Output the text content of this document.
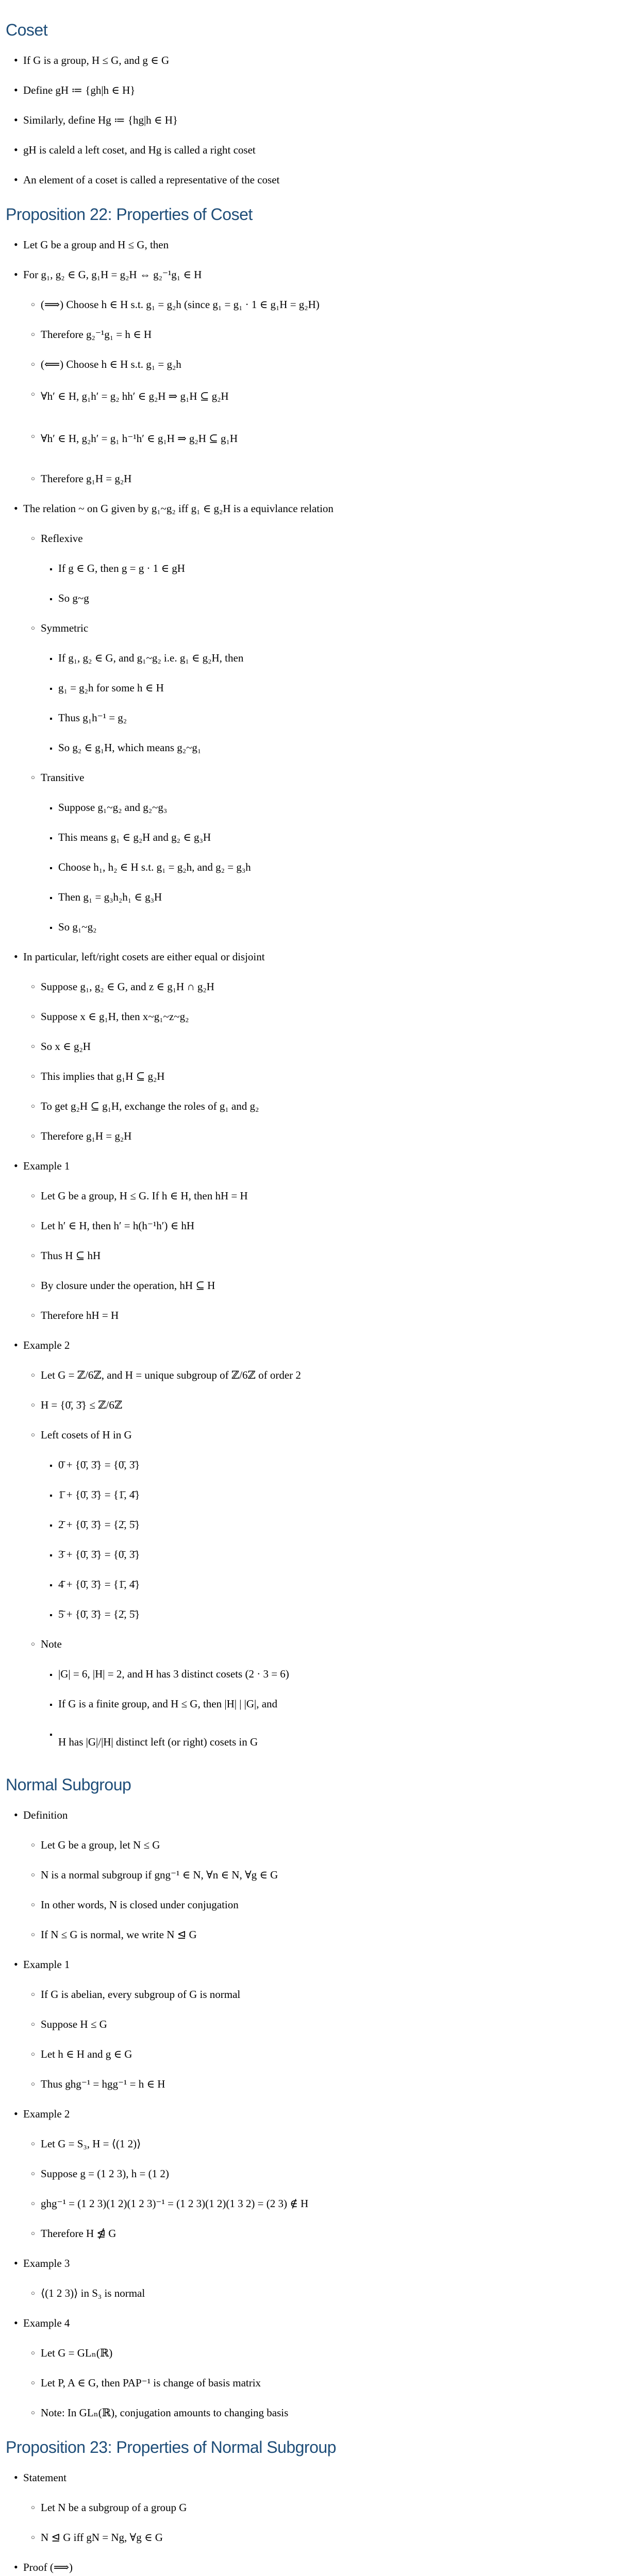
Coset
•
If G is a group, H ≤ G, and g ∈ G
•
Define gH ≔ {gh|h ∈ H}
•
Similarly, define Hg ≔ {hg|h ∈ H}
•
gH is caleld a left coset, and Hg is called a right coset
•
An element of a coset is called a representative of the coset
Proposition 22: Properties of Coset
•
Let G be a group and H ≤ G, then
•
For g₁, g₂ ∈ G, g₁H = g₂H ⇔ g₂⁻¹g₁ ∈ H
○
(⟹) Choose h ∈ H s.t. g₁ = g₂h (since g₁ = g₁ · 1 ∈ g₁H = g₂H)
○
Therefore g₂⁻¹g₁ = h ∈ H
○
(⟸) Choose h ∈ H s.t. g₁ = g₂h
○
∀h′ ∈ H, g₁h′ = g₂ hh′ ∈ g₂H ⇒ g₁H ⊆ g₂H
○
∀h′ ∈ H, g₂h′ = g₁ h⁻¹h′ ∈ g₁H ⇒ g₂H ⊆ g₁H
○
Therefore g₁H = g₂H
•
The relation ~ on G given by g₁~g₂ iff g₁ ∈ g₂H is a equivlance relation
○
Reflexive
▪
If g ∈ G, then g = g · 1 ∈ gH
▪
So g~g
○
Symmetric
▪
If g₁, g₂ ∈ G, and g₁~g₂ i.e. g₁ ∈ g₂H, then
▪
g₁ = g₂h for some h ∈ H
▪
Thus g₁h⁻¹ = g₂
▪
So g₂ ∈ g₁H, which means g₂~g₁
○
Transitive
▪
Suppose g₁~g₂ and g₂~g₃
▪
This means g₁ ∈ g₂H and g₂ ∈ g₃H
▪
Choose h₁, h₂ ∈ H s.t. g₁ = g₂h, and g₂ = g₃h
▪
Then g₁ = g₃h₂h₁ ∈ g₃H
▪
So g₁~g₂
•
In particular, left/right cosets are either equal or disjoint
○
Suppose g₁, g₂ ∈ G, and z ∈ g₁H ∩ g₂H
○
Suppose x ∈ g₁H, then x~g₁~z~g₂
○
So x ∈ g₂H
○
This implies that g₁H ⊆ g₂H
○
To get g₂H ⊆ g₁H, exchange the roles of g₁ and g₂
○
Therefore g₁H = g₂H
•
Example 1
○
Let G be a group, H ≤ G. If h ∈ H, then hH = H
○
Let h′ ∈ H, then h′ = h(h⁻¹h′) ∈ hH
○
Thus H ⊆ hH
○
By closure under the operation, hH ⊆ H
○
Therefore hH = H
•
Example 2
○
Let G = ℤ/6ℤ, and H = unique subgroup of ℤ/6ℤ of order 2
○
H = {0̄, 3̄} ≤ ℤ/6ℤ
○
Left cosets of H in G
▪
0̄ + {0̄, 3̄} = {0̄, 3̄}
▪
1̄ + {0̄, 3̄} = {1̄, 4̄}
▪
2̄ + {0̄, 3̄} = {2̄, 5̄}
▪
3̄ + {0̄, 3̄} = {0̄, 3̄}
▪
4̄ + {0̄, 3̄} = {1̄, 4̄}
▪
5̄ + {0̄, 3̄} = {2̄, 5̄}
○
Note
▪
|G| = 6, |H| = 2, and H has 3 distinct cosets (2 · 3 = 6)
▪
If G is a finite group, and H ≤ G, then |H| | |G|, and
▪
H has |G|/|H| distinct left (or right) cosets in G
Normal Subgroup
•
Definition
○
Let G be a group, let N ≤ G
○
N is a normal subgroup if gng⁻¹ ∈ N, ∀n ∈ N, ∀g ∈ G
○
In other words, N is closed under conjugation
○
If N ≤ G is normal, we write N ⊴ G
•
Example 1
○
If G is abelian, every subgroup of G is normal
○
Suppose H ≤ G
○
Let h ∈ H and g ∈ G
○
Thus ghg⁻¹ = hgg⁻¹ = h ∈ H
•
Example 2
○
Let G = S₃, H = ⟨(1 2)⟩
○
Suppose g = (1 2 3), h = (1 2)
○
ghg⁻¹ = (1 2 3)(1 2)(1 2 3)⁻¹ = (1 2 3)(1 2)(1 3 2) = (2 3) ∉ H
○
Therefore H ⋬ G
•
Example 3
○
⟨(1 2 3)⟩ in S₃ is normal
•
Example 4
○
Let G = GLₙ(ℝ)
○
Let P, A ∈ G, then PAP⁻¹ is change of basis matrix
○
Note: In GLₙ(ℝ), conjugation amounts to changing basis
Proposition 23: Properties of Normal Subgroup
•
Statement
○
Let N be a subgroup of a group G
○
N ⊴ G iff gN = Ng, ∀g ∈ G
•
Proof (⟹)
